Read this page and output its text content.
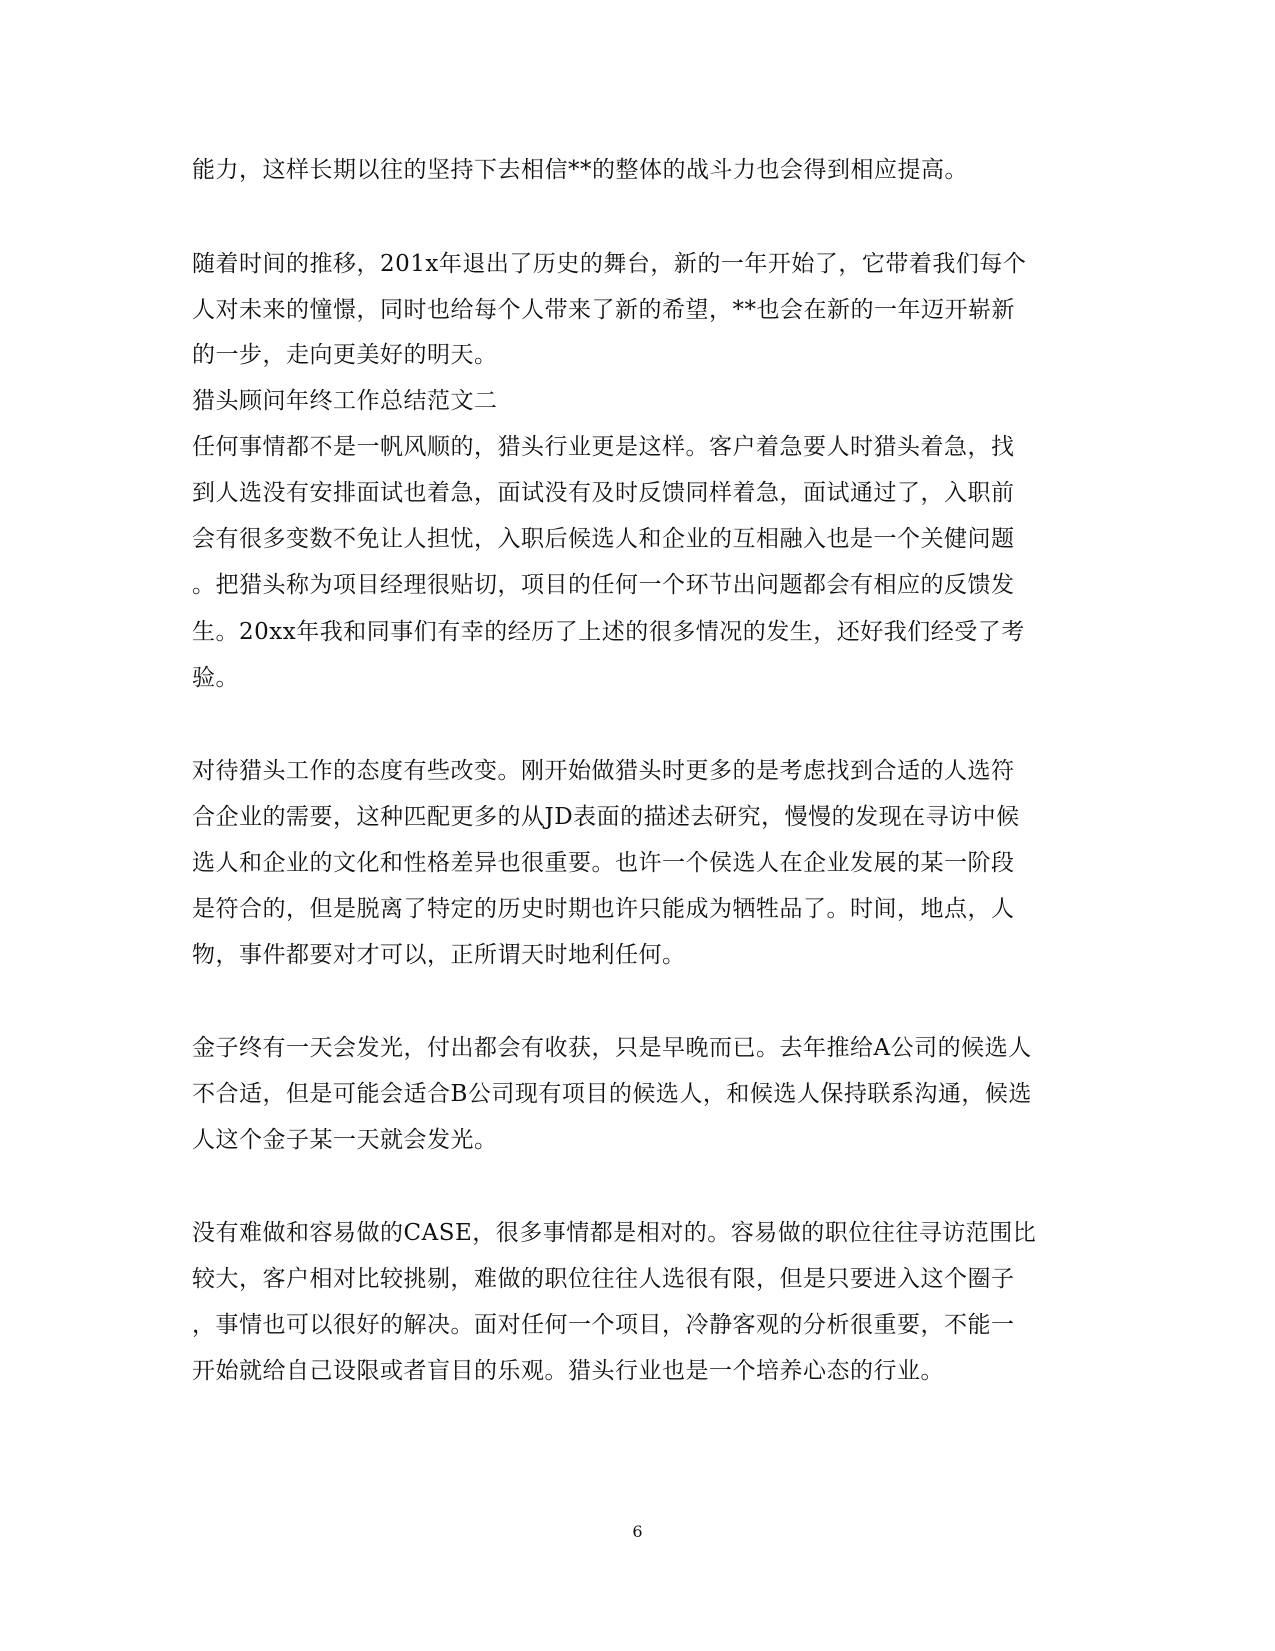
能力，这样长期以往的坚持下去相信**的整体的战斗力也会得到相应提高。
随着时间的推移，201x年退出了历史的舞台，新的一年开始了，它带着我们每个
人对未来的憧憬，同时也给每个人带来了新的希望，**也会在新的一年迈开崭新
的一步，走向更美好的明天。
猎头顾问年终工作总结范文二
任何事情都不是一帆风顺的，猎头行业更是这样。客户着急要人时猎头着急，找
到人选没有安排面试也着急，面试没有及时反馈同样着急，面试通过了，入职前
会有很多变数不免让人担忧，入职后候选人和企业的互相融入也是一个关健问题
。把猎头称为项目经理很贴切，项目的任何一个环节出问题都会有相应的反馈发
生。20xx年我和同事们有幸的经历了上述的很多情况的发生，还好我们经受了考
验。
对待猎头工作的态度有些改变。刚开始做猎头时更多的是考虑找到合适的人选符
合企业的需要，这种匹配更多的从JD表面的描述去研究，慢慢的发现在寻访中候
选人和企业的文化和性格差异也很重要。也许一个侯选人在企业发展的某一阶段
是符合的，但是脱离了特定的历史时期也许只能成为牺牲品了。时间，地点，人
物，事件都要对才可以，正所谓天时地利任何。
金子终有一天会发光，付出都会有收获，只是早晚而已。去年推给A公司的候选人
不合适，但是可能会适合B公司现有项目的候选人，和候选人保持联系沟通，候选
人这个金子某一天就会发光。
没有难做和容易做的CASE，很多事情都是相对的。容易做的职位往往寻访范围比
较大，客户相对比较挑剔，难做的职位往往人选很有限，但是只要进入这个圈子
，事情也可以很好的解决。面对任何一个项目，冷静客观的分析很重要，不能一
开始就给自己设限或者盲目的乐观。猎头行业也是一个培养心态的行业。
6
